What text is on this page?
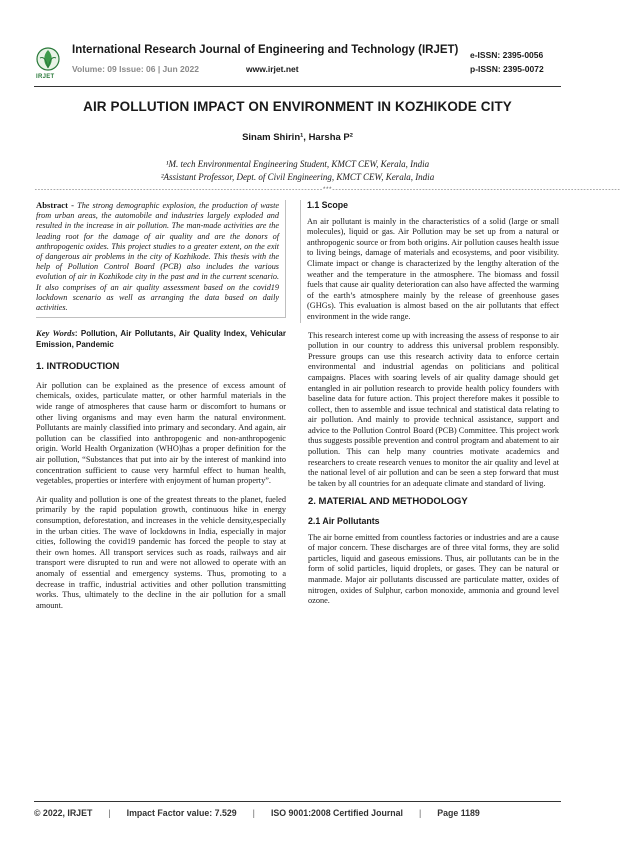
IRJET
International Research Journal of Engineering and Technology (IRJET)
Volume: 09 Issue: 06 | Jun 2022	www.irjet.net
e-ISSN: 2395-0056
p-ISSN: 2395-0072
AIR POLLUTION IMPACT ON ENVIRONMENT IN KOZHIKODE CITY
Sinam Shirin¹, Harsha P²
¹M. tech Environmental Engineering Student, KMCT CEW, Kerala, India
²Assistant Professor, Dept. of Civil Engineering, KMCT CEW, Kerala, India
---------------------------------------------------------------------------------------------***---------------------------------------------------------------------------------------------
Abstract - The strong demographic explosion, the production of waste from urban areas, the automobile and industries largely exploded and resulted in the increase in air pollution. The man-made activities are the leading root for the damage of air quality and are the donors of anthropogenic oxides. This project studies to a greater extent, on the exit of dangerous air problems in the city of Kozhikode. This thesis with the help of Pollution Control Board (PCB) also includes the various evolution of air in Kozhikode city in the past and in the current scenario. It also comprises of an air quality assessment based on the covid19 lockdown scenario as well as arranging the data based on daily activities.
Key Words: Pollution, Air Pollutants, Air Quality Index, Vehicular Emission, Pandemic
1. INTRODUCTION

Air pollution can be explained as the presence of excess amount of chemicals, oxides, particulate matter, or other harmful materials in the wide range of atmospheres that cause harm or discomfort to humans or other living organisms and may even harm the natural environment. Pollutants are mainly classified into primary and secondary. And again, air pollution can be classified into anthropogenic and non-anthropogenic origin. World Health Organization (WHO)has a proper definition for the air pollution, “Substances that put into air by the interest of mankind into concentration sufficient to cause very harmful effect to human health, vegetables, properties or interfere with enjoyment of human property”.

Air quality and pollution is one of the greatest threats to the planet, fueled primarily by the rapid population growth, continuous hike in energy consumption, deforestation, and increases in the vehicle density,especially in the urban cities. The wave of lockdowns in India, especially in major cities, following the covid19 pandemic has forced the people to stay at their own homes. All transport services such as roads, railways and air transport were disrupted to run and were not allowed to operate with an anomaly of essential and emergency systems. Thus, promoting to a decrease in traffic, industrial activities and other pollution transmitting works. Thus, ultimately to the decline in the air pollution for a small amount.

1.1 Scope

An air pollutant is mainly in the characteristics of a solid (large or small molecules), liquid or gas. Air Pollution may be set up from a natural or anthropogenic source or from both origins. Air pollution causes health issue to living beings, damage of materials and ecosystems, and poor visibility. Climate impact or change is characterized by the lengthy alteration of the weather and the temperature in the atmosphere. The biomass and fossil fuels that cause air quality deterioration can also have affected the warming of the earth’s atmosphere mainly by the release of greenhouse gases (GHGs). This evaluation is almost based on the air pollutants that effect environment in the wide range.

This research interest come up with increasing the assess of response to air pollution in our country to address this universal problem responsibly. Pressure groups can use this research activity data to enforce certain environmental and industrial agendas on politicians and political campaigns. Places with soaring levels of air quality damage should get entangled in air pollution research to provide health policy founders with baseline data for future action. This project therefore makes it possible to collect, then to assemble and issue technical and statistical data relating to air pollution. And mainly to provide technical assistance, support and advice to the Pollution Control Board (PCB) Committee. This project work thus suggests possible prevention and control program and abatement to air pollution. This can help many countries motivate academics and researchers to create research venues to monitor the air quality and level at the national level of air pollution and can be seen a step forward that must be taken by all countries for an adequate climate and standard of living.

2. MATERIAL AND METHODOLOGY
2.1 Air Pollutants

The air borne emitted from countless factories or industries and are a cause of major concern. These discharges are of three vital forms, they are solid particles, liquid and gaseous emissions. Thus, air pollutants can be in the form of solid particles, liquid droplets, or gases. They can be natural or manmade. Major air pollutants discussed are particulate matter, oxides of nitrogen, oxides of Sulphur, carbon monoxide, ammonia and ground level ozone.

© 2022, IRJET | Impact Factor value: 7.529 | ISO 9001:2008 Certified Journal | Page 1189
